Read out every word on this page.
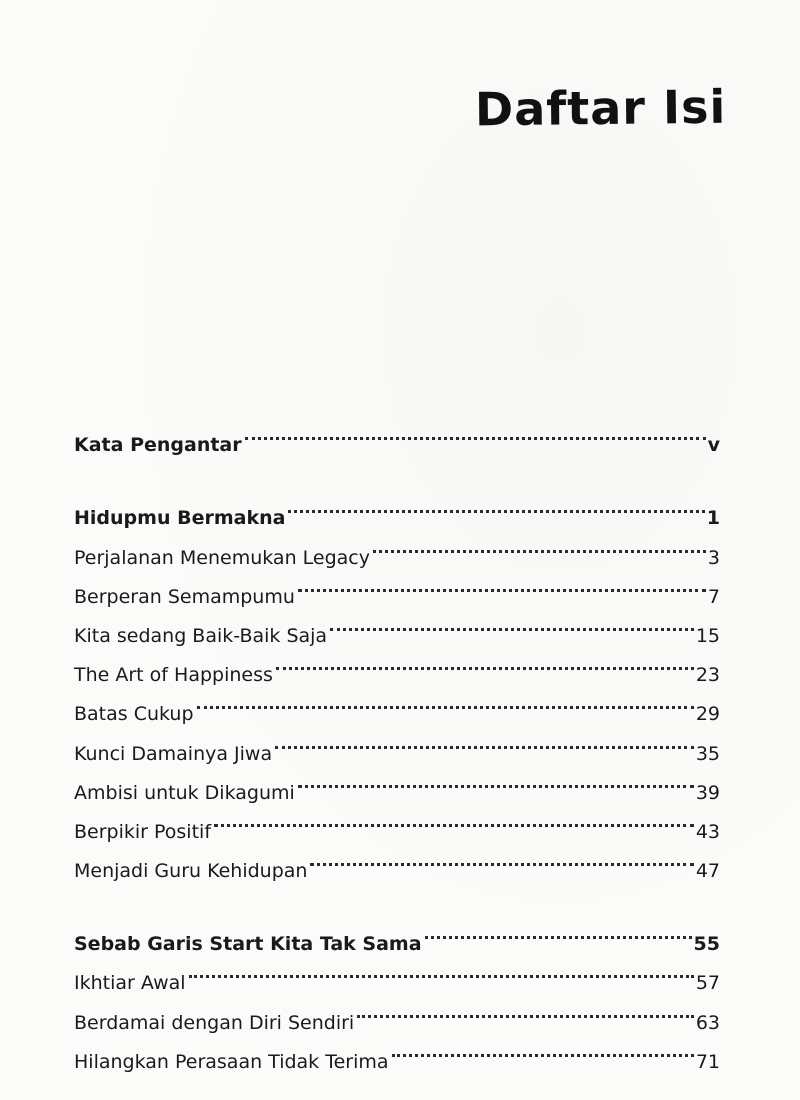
Daftar Isi
Kata Pengantar	v
Hidupmu Bermakna	1
Perjalanan Menemukan Legacy	3
Berperan Semampumu	7
Kita sedang Baik-Baik Saja	15
The Art of Happiness	23
Batas Cukup	29
Kunci Damainya Jiwa	35
Ambisi untuk Dikagumi	39
Berpikir Positif	43
Menjadi Guru Kehidupan	47
Sebab Garis Start Kita Tak Sama	55
Ikhtiar Awal	57
Berdamai dengan Diri Sendiri	63
Hilangkan Perasaan Tidak Terima	71
